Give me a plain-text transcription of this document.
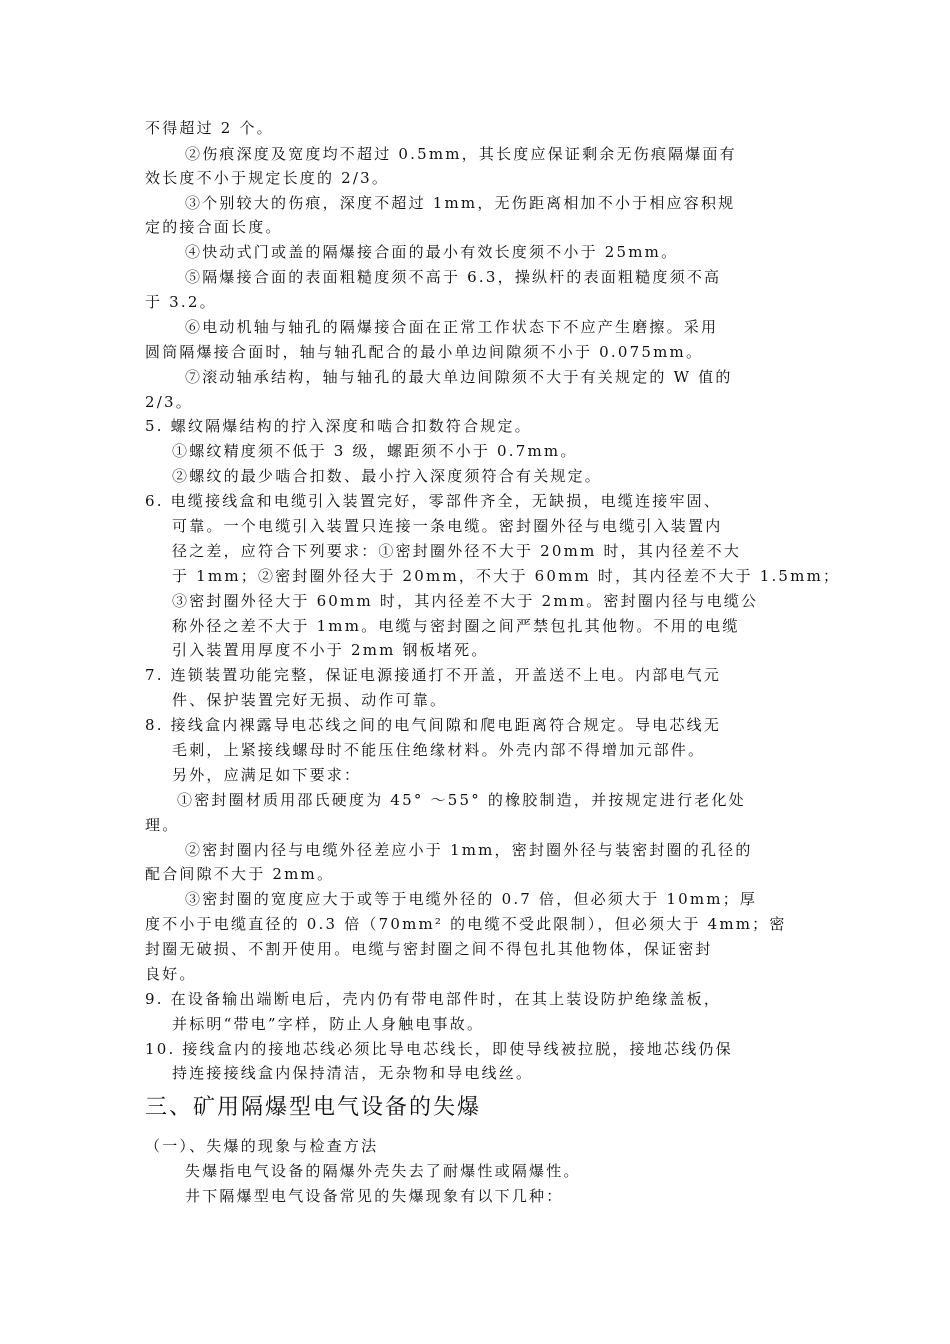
不得超过 2 个。
②伤痕深度及宽度均不超过 0.5mm，其长度应保证剩余无伤痕隔爆面有
效长度不小于规定长度的 2/3。
③个别较大的伤痕，深度不超过 1mm，无伤距离相加不小于相应容积规
定的接合面长度。
④快动式门或盖的隔爆接合面的最小有效长度须不小于 25mm。
⑤隔爆接合面的表面粗糙度须不高于 6.3，操纵杆的表面粗糙度须不高
于 3.2。
⑥电动机轴与轴孔的隔爆接合面在正常工作状态下不应产生磨擦。采用
圆筒隔爆接合面时，轴与轴孔配合的最小单边间隙须不小于 0.075mm。
⑦滚动轴承结构，轴与轴孔的最大单边间隙须不大于有关规定的 W 值的
2/3。
5. 螺纹隔爆结构的拧入深度和啮合扣数符合规定。
①螺纹精度须不低于 3 级，螺距须不小于 0.7mm。
②螺纹的最少啮合扣数、最小拧入深度须符合有关规定。
6. 电缆接线盒和电缆引入装置完好，零部件齐全，无缺损，电缆连接牢固、
可靠。一个电缆引入装置只连接一条电缆。密封圈外径与电缆引入装置内
径之差，应符合下列要求：①密封圈外径不大于 20mm 时，其内径差不大
于 1mm；②密封圈外径大于 20mm，不大于 60mm 时，其内径差不大于 1.5mm；
③密封圈外径大于 60mm 时，其内径差不大于 2mm。密封圈内径与电缆公
称外径之差不大于 1mm。电缆与密封圈之间严禁包扎其他物。不用的电缆
引入装置用厚度不小于 2mm 钢板堵死。
7. 连锁装置功能完整，保证电源接通打不开盖，开盖送不上电。内部电气元
件、保护装置完好无损、动作可靠。
8. 接线盒内裸露导电芯线之间的电气间隙和爬电距离符合规定。导电芯线无
毛刺，上紧接线螺母时不能压住绝缘材料。外壳内部不得增加元部件。
另外，应满足如下要求：
①密封圈材质用邵氏硬度为 45° ～55° 的橡胶制造，并按规定进行老化处
理。
②密封圈内径与电缆外径差应小于 1mm，密封圈外径与装密封圈的孔径的
配合间隙不大于 2mm。
③密封圈的宽度应大于或等于电缆外径的 0.7 倍，但必须大于 10mm；厚
度不小于电缆直径的 0.3 倍（70mm² 的电缆不受此限制），但必须大于 4mm；密
封圈无破损、不割开使用。电缆与密封圈之间不得包扎其他物体，保证密封
良好。
9. 在设备输出端断电后，壳内仍有带电部件时，在其上装设防护绝缘盖板，
并标明“带电”字样，防止人身触电事故。
10. 接线盒内的接地芯线必须比导电芯线长，即使导线被拉脱，接地芯线仍保
持连接接线盒内保持清洁，无杂物和导电线丝。
三、矿用隔爆型电气设备的失爆
（一）、失爆的现象与检查方法
失爆指电气设备的隔爆外壳失去了耐爆性或隔爆性。
井下隔爆型电气设备常见的失爆现象有以下几种：
